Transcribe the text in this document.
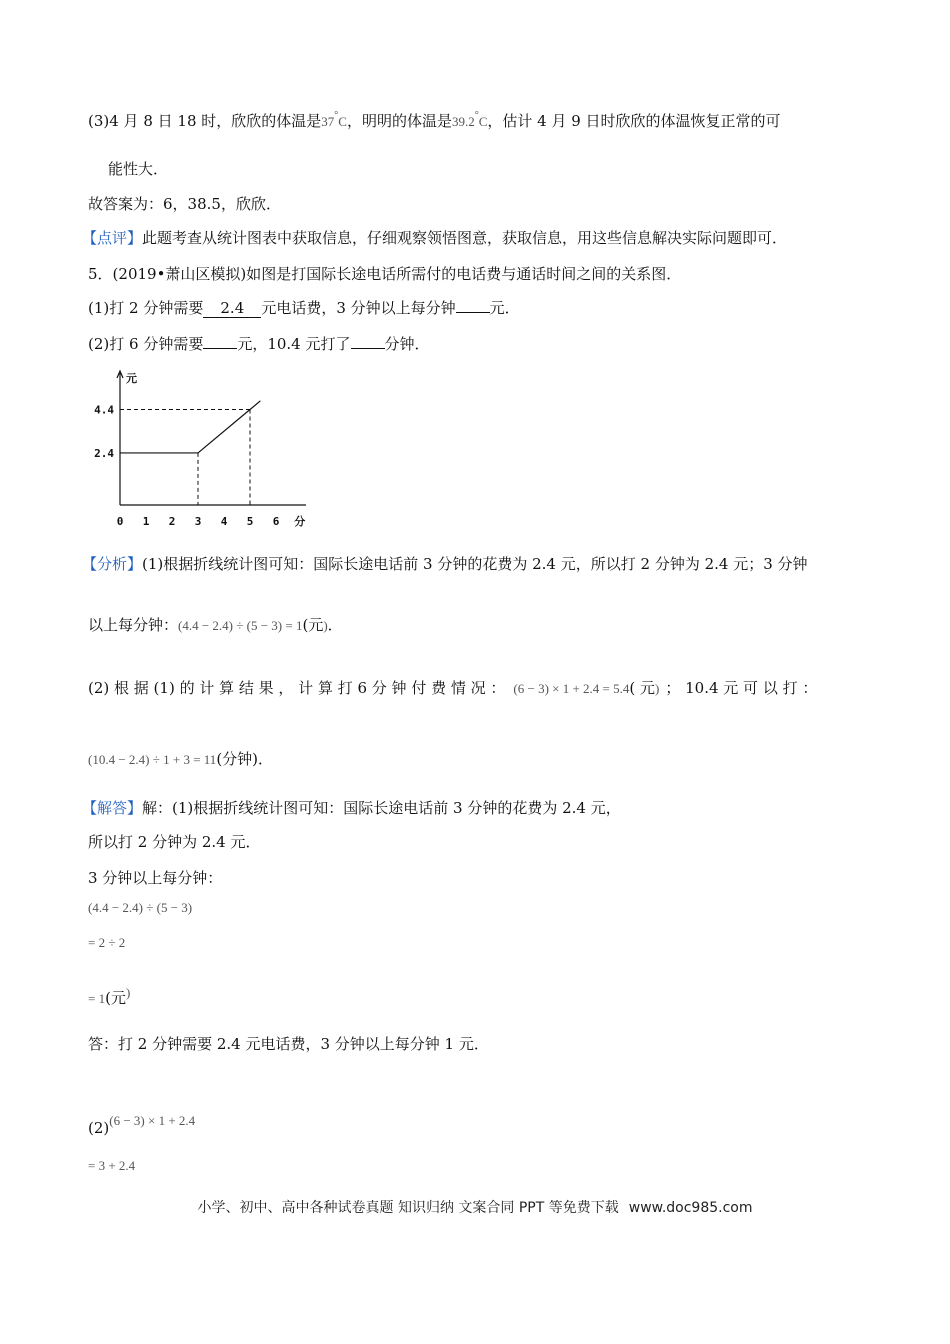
(3)4 月 8 日 18 时，欣欣的体温是37°C，明明的体温是39.2°C，估计 4 月 9 日时欣欣的体温恢复正常的可
能性大．
故答案为：6，38.5，欣欣．
【点评】此题考查从统计图表中获取信息，仔细观察领悟图意，获取信息，用这些信息解决实际问题即可．
5．(2019•萧山区模拟)如图是打国际长途电话所需付的电话费与通话时间之间的关系图．
(1)打 2 分钟需要 2.4 元电话费，3 分钟以上每分钟 元．
(2)打 6 分钟需要 元，10.4 元打了 分钟．
元
分
0 1 2 3 4 5 6
2.4
4.4
【分析】(1)根据折线统计图可知：国际长途电话前 3 分钟的花费为 2.4 元，所以打 2 分钟为 2.4 元；3 分钟
以上每分钟：(4.4 − 2.4) ÷ (5 − 3) = 1(元)．
(2) 根 据 (1) 的 计 算 结 果 ， 计 算 打 6 分 钟 付 费 情 况 ： (6 − 3) × 1 + 2.4 = 5.4( 元) ； 10.4 元 可 以 打 ：
(10.4 − 2.4) ÷ 1 + 3 = 11(分钟)．
【解答】解：(1)根据折线统计图可知：国际长途电话前 3 分钟的花费为 2.4 元，
所以打 2 分钟为 2.4 元．
3 分钟以上每分钟：
(4.4 − 2.4) ÷ (5 − 3)
= 2 ÷ 2
= 1(元)
答：打 2 分钟需要 2.4 元电话费，3 分钟以上每分钟 1 元．
(2)(6 − 3) × 1 + 2.4
= 3 + 2.4
小学、初中、高中各种试卷真题 知识归纳 文案合同 PPT 等免费下载 www.doc985.com
